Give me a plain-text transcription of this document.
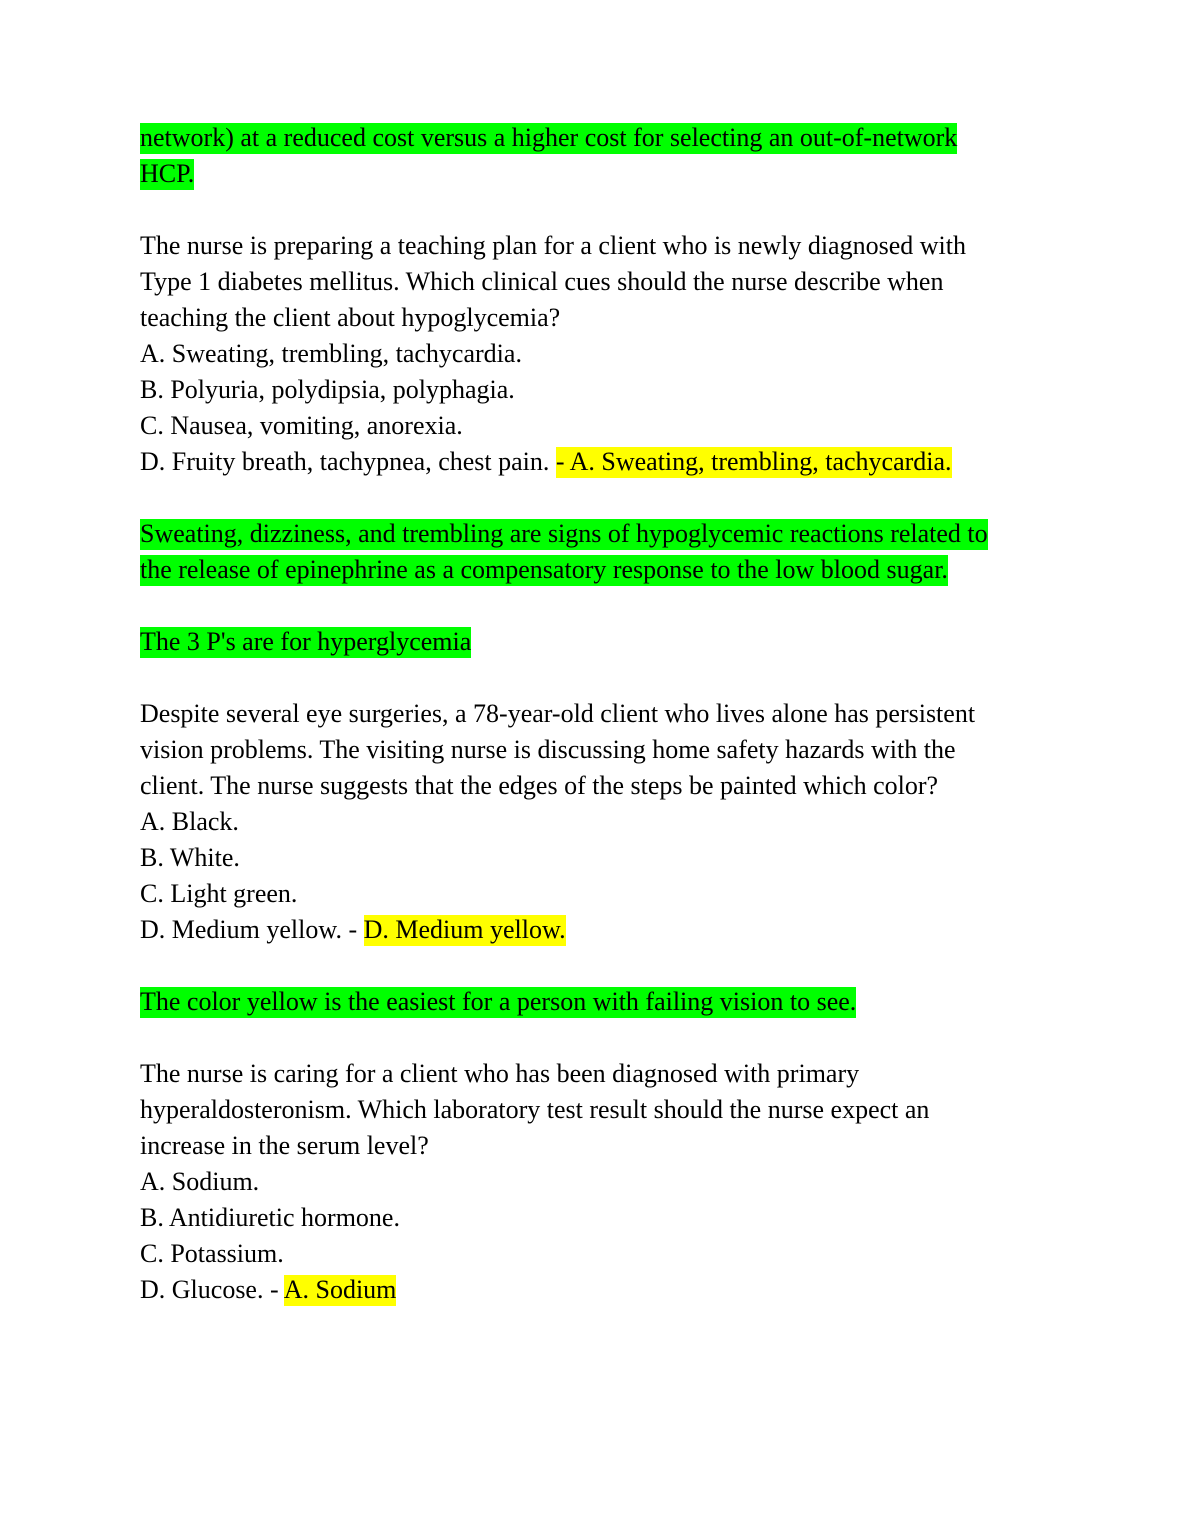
network) at a reduced cost versus a higher cost for selecting an out-of-network
HCP.
The nurse is preparing a teaching plan for a client who is newly diagnosed with
Type 1 diabetes mellitus. Which clinical cues should the nurse describe when
teaching the client about hypoglycemia?
A. Sweating, trembling, tachycardia.
B. Polyuria, polydipsia, polyphagia.
C. Nausea, vomiting, anorexia.
D. Fruity breath, tachypnea, chest pain. - A. Sweating, trembling, tachycardia.
Sweating, dizziness, and trembling are signs of hypoglycemic reactions related to
the release of epinephrine as a compensatory response to the low blood sugar.
The 3 P's are for hyperglycemia
Despite several eye surgeries, a 78-year-old client who lives alone has persistent
vision problems. The visiting nurse is discussing home safety hazards with the
client. The nurse suggests that the edges of the steps be painted which color?
A. Black.
B. White.
C. Light green.
D. Medium yellow. - D. Medium yellow.
The color yellow is the easiest for a person with failing vision to see.
The nurse is caring for a client who has been diagnosed with primary
hyperaldosteronism. Which laboratory test result should the nurse expect an
increase in the serum level?
A. Sodium.
B. Antidiuretic hormone.
C. Potassium.
D. Glucose. - A. Sodium
